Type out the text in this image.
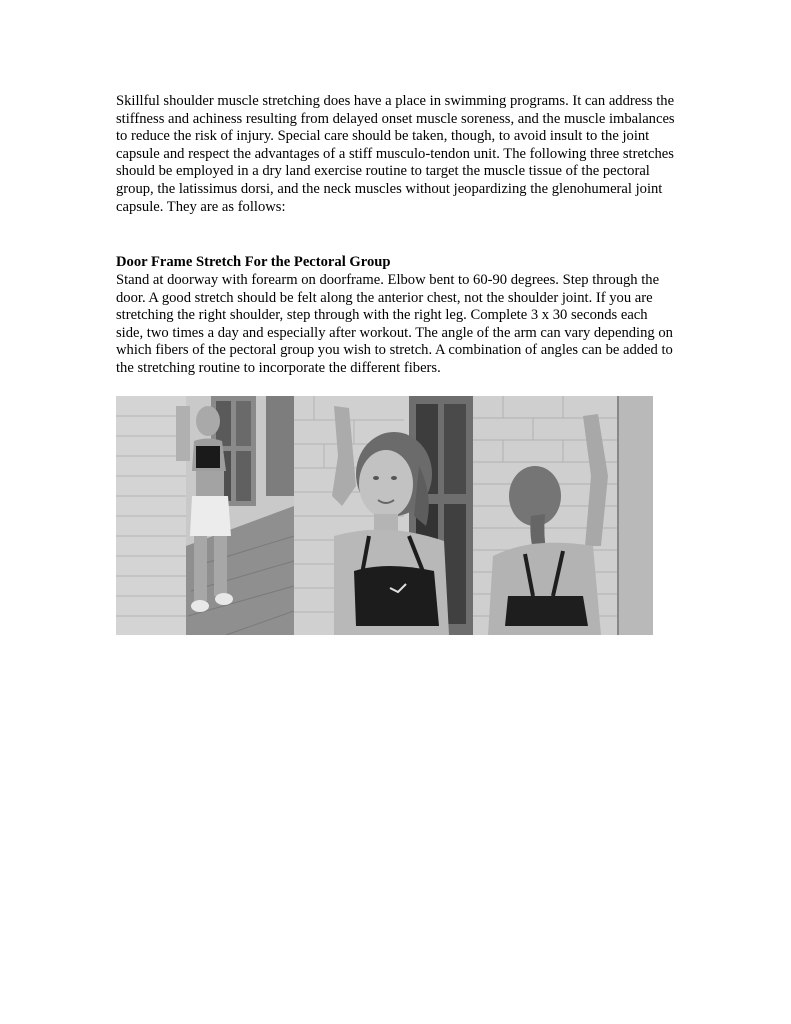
Skillful shoulder muscle stretching does have a place in swimming programs. It can address the stiffness and achiness resulting from delayed onset muscle soreness, and the muscle imbalances to reduce the risk of injury. Special care should be taken, though, to avoid insult to the joint capsule and respect the advantages of a stiff musculo-tendon unit. The following three stretches should be employed in a dry land exercise routine to target the muscle tissue of the pectoral group, the latissimus dorsi, and the neck muscles without jeopardizing the glenohumeral joint capsule. They are as follows:

Door Frame Stretch For the Pectoral Group

Stand at doorway with forearm on doorframe. Elbow bent to 60-90 degrees. Step through the door. A good stretch should be felt along the anterior chest, not the shoulder joint. If you are stretching the right shoulder, step through with the right leg. Complete 3 x 30 seconds each side, two times a day and especially after workout. The angle of the arm can vary depending on which fibers of the pectoral group you wish to stretch. A combination of angles can be added to the stretching routine to incorporate the different fibers.
